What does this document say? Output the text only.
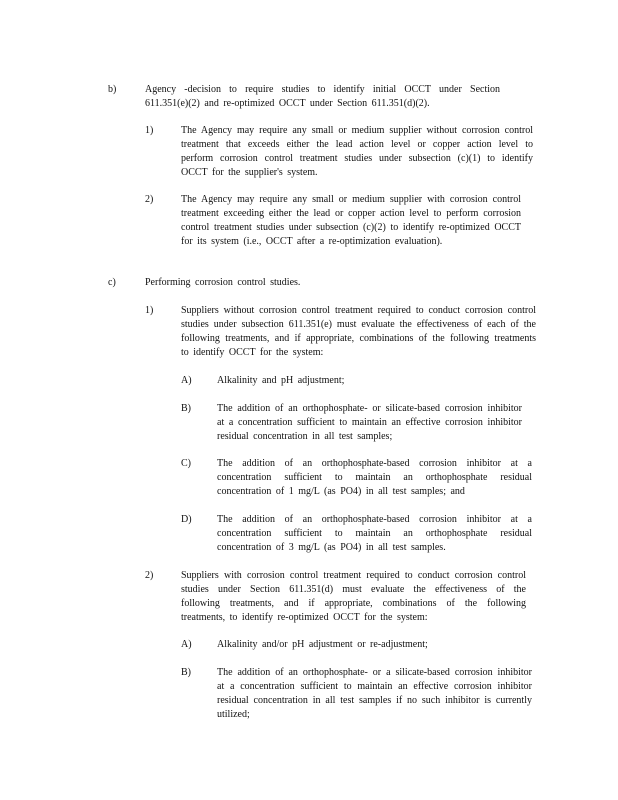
b)	Agency -decision to require studies to identify initial OCCT under Section 611.351(e)(2) and re-optimized OCCT under Section 611.351(d)(2).
1)	The Agency may require any small or medium supplier without corrosion control treatment that exceeds either the lead action level or copper action level to perform corrosion control treatment studies under subsection (c)(1) to identify OCCT for the supplier's system.
2)	The Agency may require any small or medium supplier with corrosion control treatment exceeding either the lead or copper action level to perform corrosion control treatment studies under subsection (c)(2) to identify re-optimized OCCT for its system (i.e., OCCT after a re-optimization evaluation).
c)	Performing corrosion control studies.
1)	Suppliers without corrosion control treatment required to conduct corrosion control studies under subsection 611.351(e) must evaluate the effectiveness of each of the following treatments, and if appropriate, combinations of the following treatments to identify OCCT for the system:
A)	Alkalinity and pH adjustment;
B)	The addition of an orthophosphate- or silicate-based corrosion inhibitor at a concentration sufficient to maintain an effective corrosion inhibitor residual concentration in all test samples;
C)	The addition of an orthophosphate-based corrosion inhibitor at a concentration sufficient to maintain an orthophosphate residual concentration of 1 mg/L (as PO4) in all test samples; and
D)	The addition of an orthophosphate-based corrosion inhibitor at a concentration sufficient to maintain an orthophosphate residual concentration of 3 mg/L (as PO4) in all test samples.
2)	Suppliers with corrosion control treatment required to conduct corrosion control studies under Section 611.351(d) must evaluate the effectiveness of the following treatments, and if appropriate, combinations of the following treatments, to identify re-optimized OCCT for the system:
A)	Alkalinity and/or pH adjustment or re-adjustment;
B)	The addition of an orthophosphate- or a silicate-based corrosion inhibitor at a concentration sufficient to maintain an effective corrosion inhibitor residual concentration in all test samples if no such inhibitor is currently utilized;
